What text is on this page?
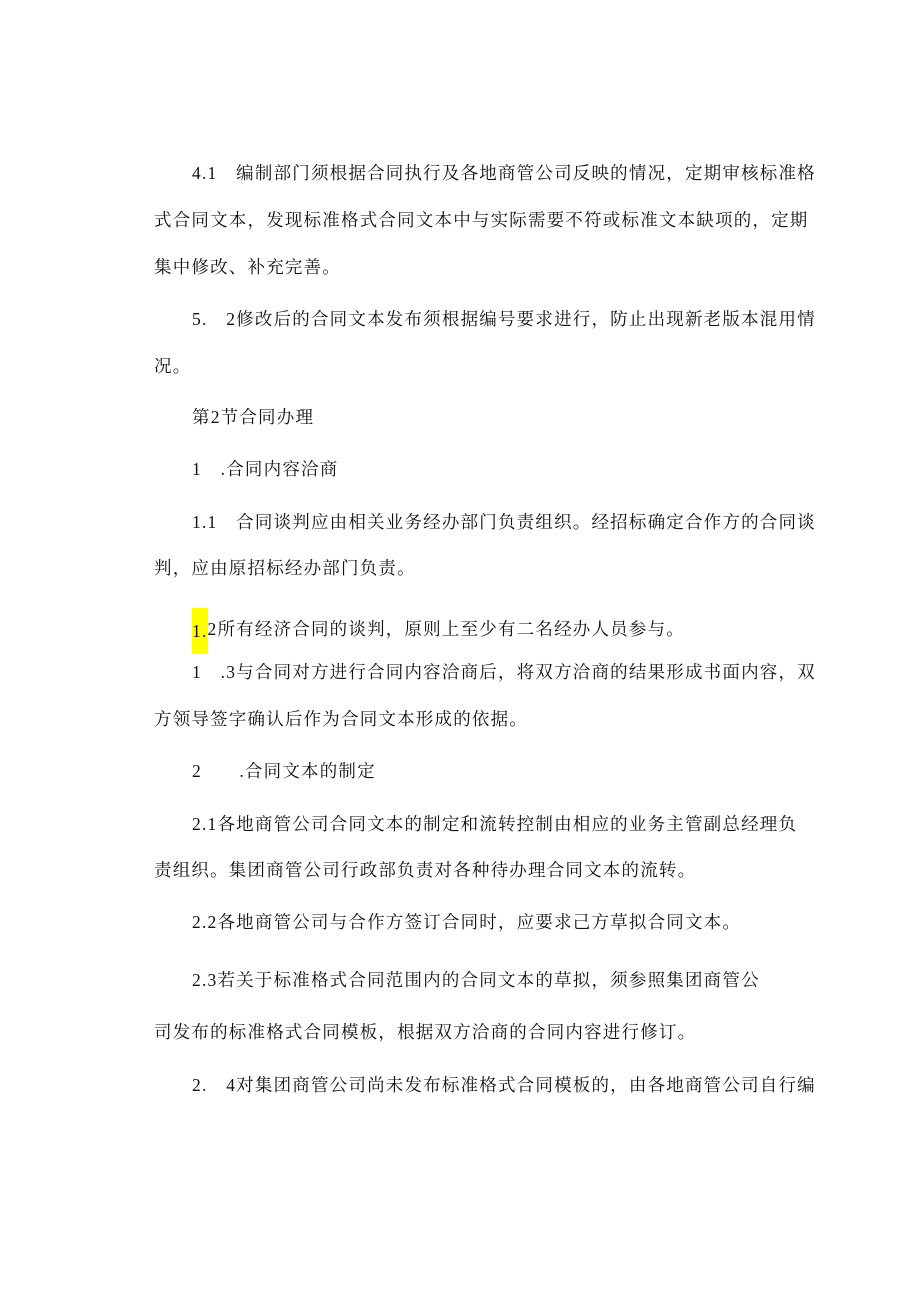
4.1　编制部门须根据合同执行及各地商管公司反映的情况，定期审核标准格
式合同文本，发现标准格式合同文本中与实际需要不符或标准文本缺项的，定期
集中修改、补充完善。
5.　2修改后的合同文本发布须根据编号要求进行，防止出现新老版本混用情
况。
第2节合同办理
1　.合同内容洽商
1.1　合同谈判应由相关业务经办部门负责组织。经招标确定合作方的合同谈
判，应由原招标经办部门负责。
1.2所有经济合同的谈判，原则上至少有二名经办人员参与。
1　.3与合同对方进行合同内容洽商后，将双方洽商的结果形成书面内容，双
方领导签字确认后作为合同文本形成的依据。
2　　.合同文本的制定
2.1各地商管公司合同文本的制定和流转控制由相应的业务主管副总经理负
责组织。集团商管公司行政部负责对各种待办理合同文本的流转。
2.2各地商管公司与合作方签订合同时，应要求己方草拟合同文本。
2.3若关于标准格式合同范围内的合同文本的草拟，须参照集团商管公
司发布的标准格式合同模板，根据双方洽商的合同内容进行修订。
2.　4对集团商管公司尚未发布标准格式合同模板的，由各地商管公司自行编
